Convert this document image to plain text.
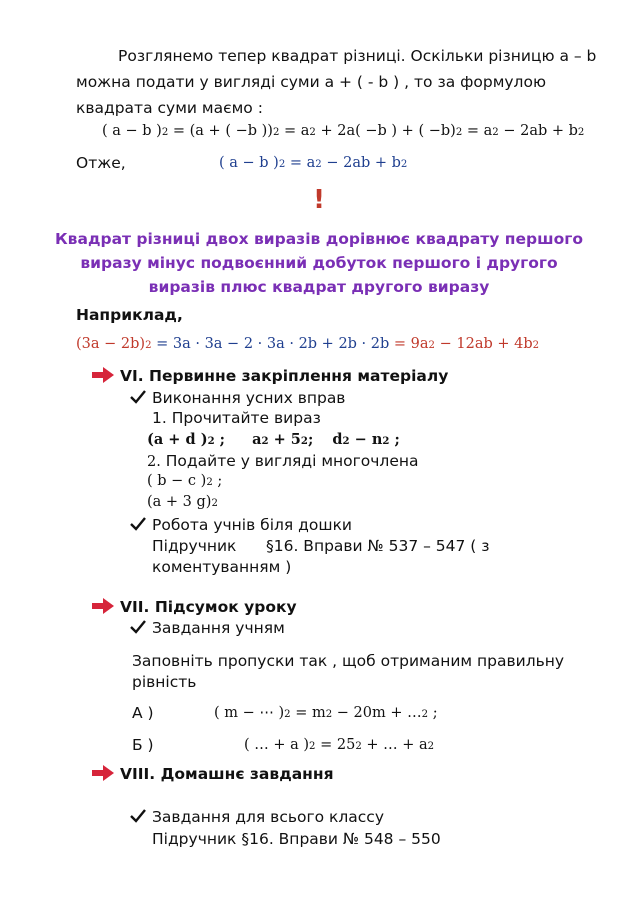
Розглянемо тепер квадрат різниці. Оскільки різницю a – b
можна подати у вигляді суми a + ( - b ) , то за формулою
квадрата суми маємо :
( a − b )$^2$ = (a + ( −b ))$^2 = a^2 + 2a( -b$ ) + ( $-b)^2 = a^2 - 2ab + b^2$
Отже,	( a − b )$^2 = a^2 - 2ab + b^2$
!
Квадрат різниці двох виразів дорівнює квадрату першого
виразу мінус подвоєнний добуток першого і другого
виразів плюс квадрат другого виразу
Наприклад,
$(3a - 2b)^2 = 3a \cdot 3a - 2 \cdot 3a \cdot 2b + 2b \cdot 2b = 9a^2 - 12ab + 4b^2$
VI. Первинне закріплення матеріалу
Виконання усних вправ
1. Прочитайте вираз
(a + d )$^2$ ; $a^2 + 5^2$; $d^2 - n^2$ ;
2. Подайте у вигляді многочлена
( b − c )$^2$ ;
(a + 3 g)$^2$
Робота учнів біля дошки
Підручник      §16. Вправи № 537 – 547 ( з
коментуванням )
VII. Підсумок уроку
Завдання учням
Заповніть пропуски так , щоб отриманим правильну
рівність
А )	( m − ⋯ )$^2 = m^2 - 20m$ + …$^2$ ;
Б )	( … + а )$^2 = 25^2$ + … + $a^2$
VIII. Домашнє завдання
Завдання для всього классу
Підручник §16. Вправи № 548 – 550
